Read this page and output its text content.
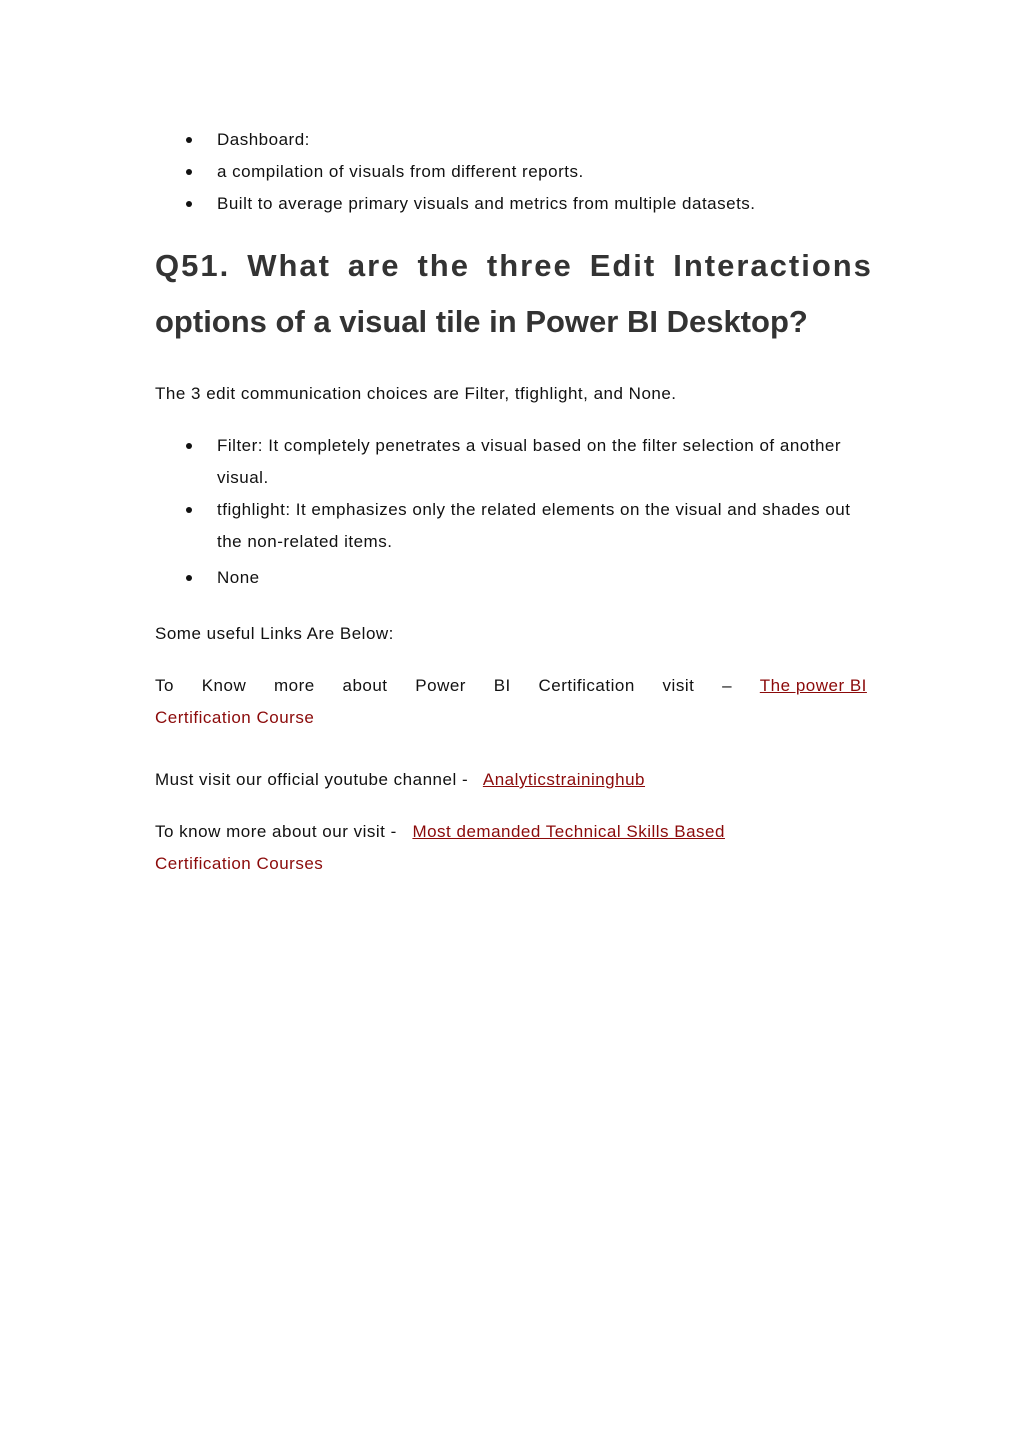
Dashboard:
a compilation of visuals from different reports.
Built to average primary visuals and metrics from multiple datasets.
Q51. What are the three Edit Interactions
options of a visual tile in Power BI Desktop?

The 3 edit communication choices are Filter, tfighlight, and None.

Filter: It completely penetrates a visual based on the filter selection of another visual.
tfighlight: It emphasizes only the related elements on the visual and shades out the non-related items.
None

Some useful Links Are Below:

To Know more about Power BI Certification visit – The power BI
Certification Course

Must visit our official youtube channel - Analyticstraininghub

To know more about our visit - Most demanded Technical Skills Based
Certification Courses
